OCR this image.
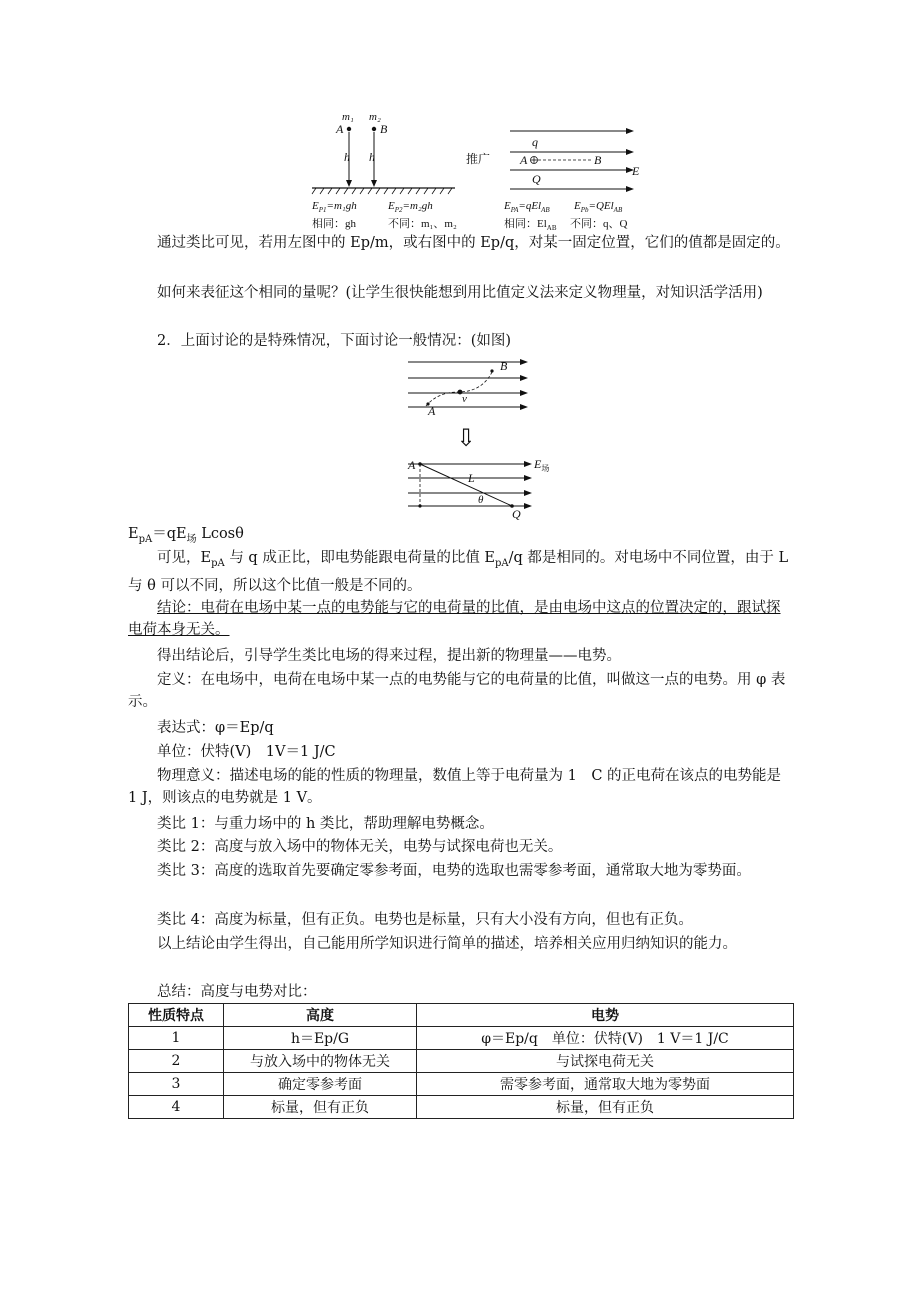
m₁ m₂
A	B
h h
$E_{P1}=m_1gh$	$E_{P2}=m_2gh$
相同：gh	不同：m₁、m₂
推广
q
A	B
Q
E
$E_{PA}=qEl_{AB}$ $E_{Pb}=QEl_{AB}$
相同：$El_{AB}$ 不同：q、Q
通过类比可见，若用左图中的 Ep/m，或右图中的 Ep/q，对某一固定位置，它们的值都是固定的。
如何来表征这个相同的量呢？(让学生很快能想到用比值定义法来定义物理量，对知识活学活用)
2．上面讨论的是特殊情况，下面讨论一般情况：(如图)
B
v
A
⇩
A	$E_场$
L
θ
Q
$E_{pA}=qE_场$ Lcosθ
可见，$E_{pA}$ 与 q 成正比，即电势能跟电荷量的比值 $E_{pA}/q$ 都是相同的。对电场中不同位置，由于 L 与 θ 可以不同，所以这个比值一般是不同的。
结论：电荷在电场中某一点的电势能与它的电荷量的比值，是由电场中这点的位置决定的，跟试探电荷本身无关。
得出结论后，引导学生类比电场的得来过程，提出新的物理量——电势。
定义：在电场中，电荷在电场中某一点的电势能与它的电荷量的比值，叫做这一点的电势。用 φ 表示。
表达式：φ＝Ep/q
单位：伏特(V)　1V＝1 J/C
物理意义：描述电场的能的性质的物理量，数值上等于电荷量为 1　C 的正电荷在该点的电势能是 1 J，则该点的电势就是 1 V。
类比 1：与重力场中的 h 类比，帮助理解电势概念。
类比 2：高度与放入场中的物体无关，电势与试探电荷也无关。
类比 3：高度的选取首先要确定零参考面，电势的选取也需零参考面，通常取大地为零势面。
类比 4：高度为标量，但有正负。电势也是标量，只有大小没有方向，但也有正负。
以上结论由学生得出，自己能用所学知识进行简单的描述，培养相关应用归纳知识的能力。
总结：高度与电势对比：
性质特点	高度	电势
1	h＝Ep/G	φ＝Ep/q　单位：伏特(V)　1 V＝1 J/C
2	与放入场中的物体无关	与试探电荷无关
3	确定零参考面	需零参考面，通常取大地为零势面
4	标量，但有正负	标量，但有正负
